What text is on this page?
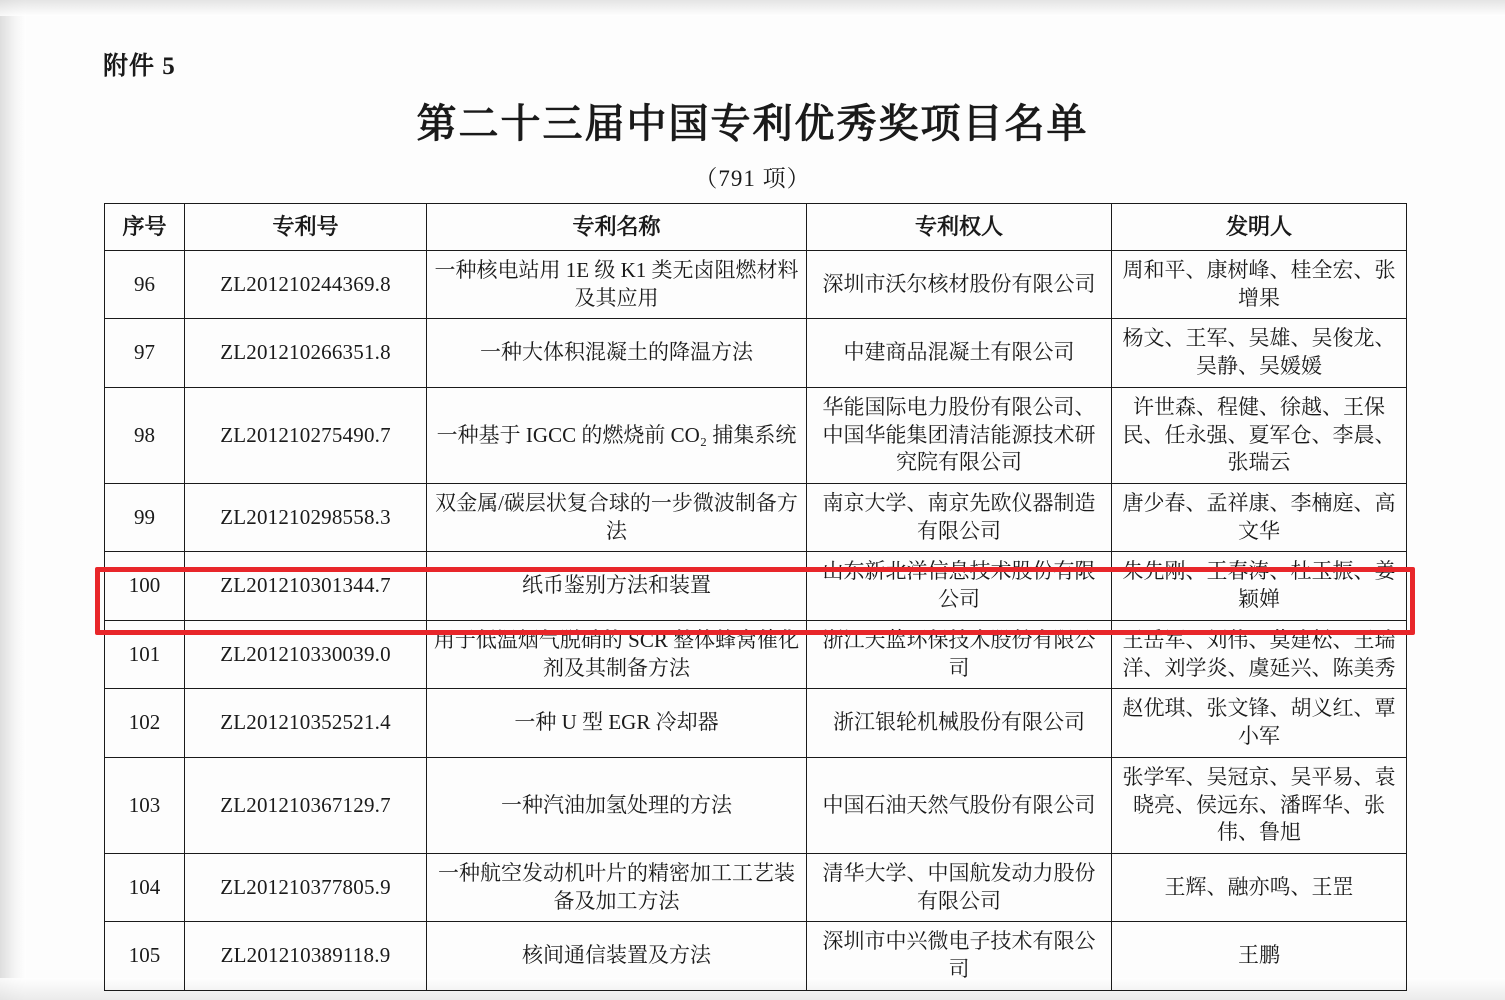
附件 5
第二十三届中国专利优秀奖项目名单
（791 项）
序号	专利号	专利名称	专利权人	发明人
96	ZL201210244369.8	一种核电站用 1E 级 K1 类无卤阻燃材料及其应用	深圳市沃尔核材股份有限公司	周和平、康树峰、桂全宏、张增果
97	ZL201210266351.8	一种大体积混凝土的降温方法	中建商品混凝土有限公司	杨文、王军、吴雄、吴俊龙、吴静、吴媛媛
98	ZL201210275490.7	一种基于 IGCC 的燃烧前 CO₂ 捕集系统	华能国际电力股份有限公司、中国华能集团清洁能源技术研究院有限公司	许世森、程健、徐越、王保民、任永强、夏军仓、李晨、张瑞云
99	ZL201210298558.3	双金属/碳层状复合球的一步微波制备方法	南京大学、南京先欧仪器制造有限公司	唐少春、孟祥康、李楠庭、高文华
100	ZL201210301344.7	纸币鉴别方法和装置	山东新北洋信息技术股份有限公司	朱先刚、王春涛、杜玉振、姜颖婵
101	ZL201210330039.0	用于低温烟气脱硝的 SCR 整体蜂窝催化剂及其制备方法	浙江天蓝环保技术股份有限公司	王岳军、刘伟、莫建松、王瑞洋、刘学炎、虞延兴、陈美秀
102	ZL201210352521.4	一种 U 型 EGR 冷却器	浙江银轮机械股份有限公司	赵优琪、张文锋、胡义红、覃小军
103	ZL201210367129.7	一种汽油加氢处理的方法	中国石油天然气股份有限公司	张学军、吴冠京、吴平易、袁晓亮、侯远东、潘晖华、张伟、鲁旭
104	ZL201210377805.9	一种航空发动机叶片的精密加工工艺装备及加工方法	清华大学、中国航发动力股份有限公司	王辉、融亦鸣、王罡
105	ZL201210389118.9	核间通信装置及方法	深圳市中兴微电子技术有限公司	王鹏
